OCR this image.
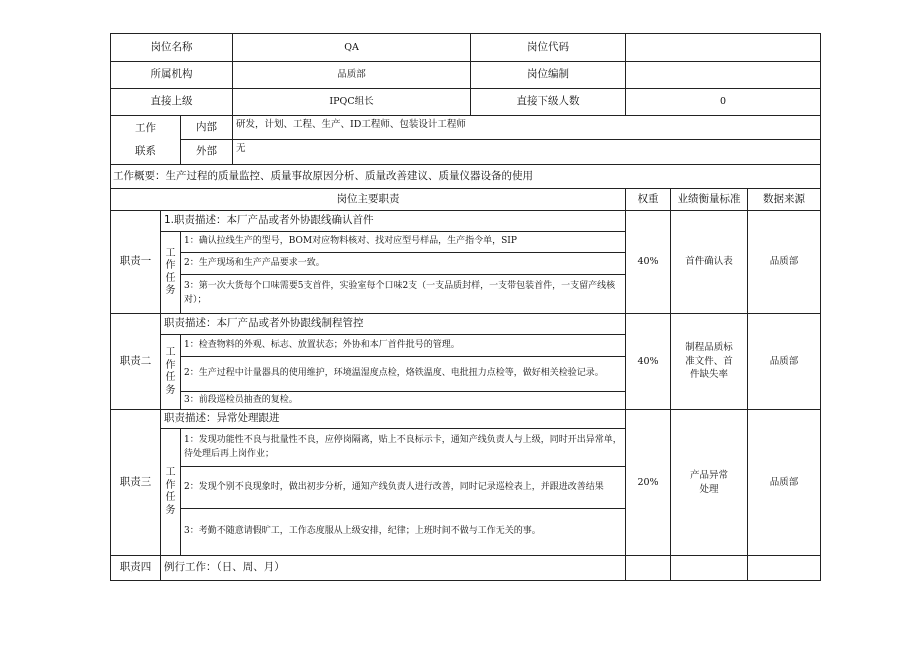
岗位名称			QA	岗位代码			
所属机构			品质部	岗位编制			
直接上级			IPQC组长	直接下级人数	0		

工作
联系		内部	研发，计划、工程、生产、ID工程师、包装设计工程师				
		外部	无				
工作概要：生产过程的质量监控、质量事故原因分析、质量改善建议、质量仪器设备的使用							
岗位主要职责					权重	业绩衡量标准	数据来源
职责一	1.职责描述：本厂产品或者外协跟线确认首件				40%	首件确认表	品质部

	工
作
任
务	1：确认拉线生产的型号，BOM对应物料核对、找对应型号样品，生产指令单，SIP					
		2：生产现场和生产产品要求一致。					
		3：第一次大货每个口味需要5支首件，实验室每个口味2支（一支品质封样，一支带包装首件，一支留产线核对）；					
职责二	职责描述：本厂产品或者外协跟线制程管控				40%	制程品质标准文件、首件缺失率	品质部

	工
作
任
务	1：检查物料的外观、标志、放置状态；外协和本厂首件批号的管理。					
		2：生产过程中计量器具的使用维护，环境温湿度点检，烙铁温度、电批扭力点检等，做好相关检验记录。					
		3：前段巡检员抽查的复检。					
职责三	职责描述：异常处理跟进				20%	产品异常处理	品质部

	工
作
任
务	1：发现功能性不良与批量性不良，应停岗隔离，贴上不良标示卡，通知产线负责人与上级，同时开出异常单，待处理后再上岗作业；					
		2：发现个别不良现象时，做出初步分析，通知产线负责人进行改善，同时记录巡检表上，并跟进改善结果					
		3：考勤不随意请假旷工，工作态度服从上级安排，纪律；上班时间不做与工作无关的事。					
职责四	例行工作：（日、周、月）						
